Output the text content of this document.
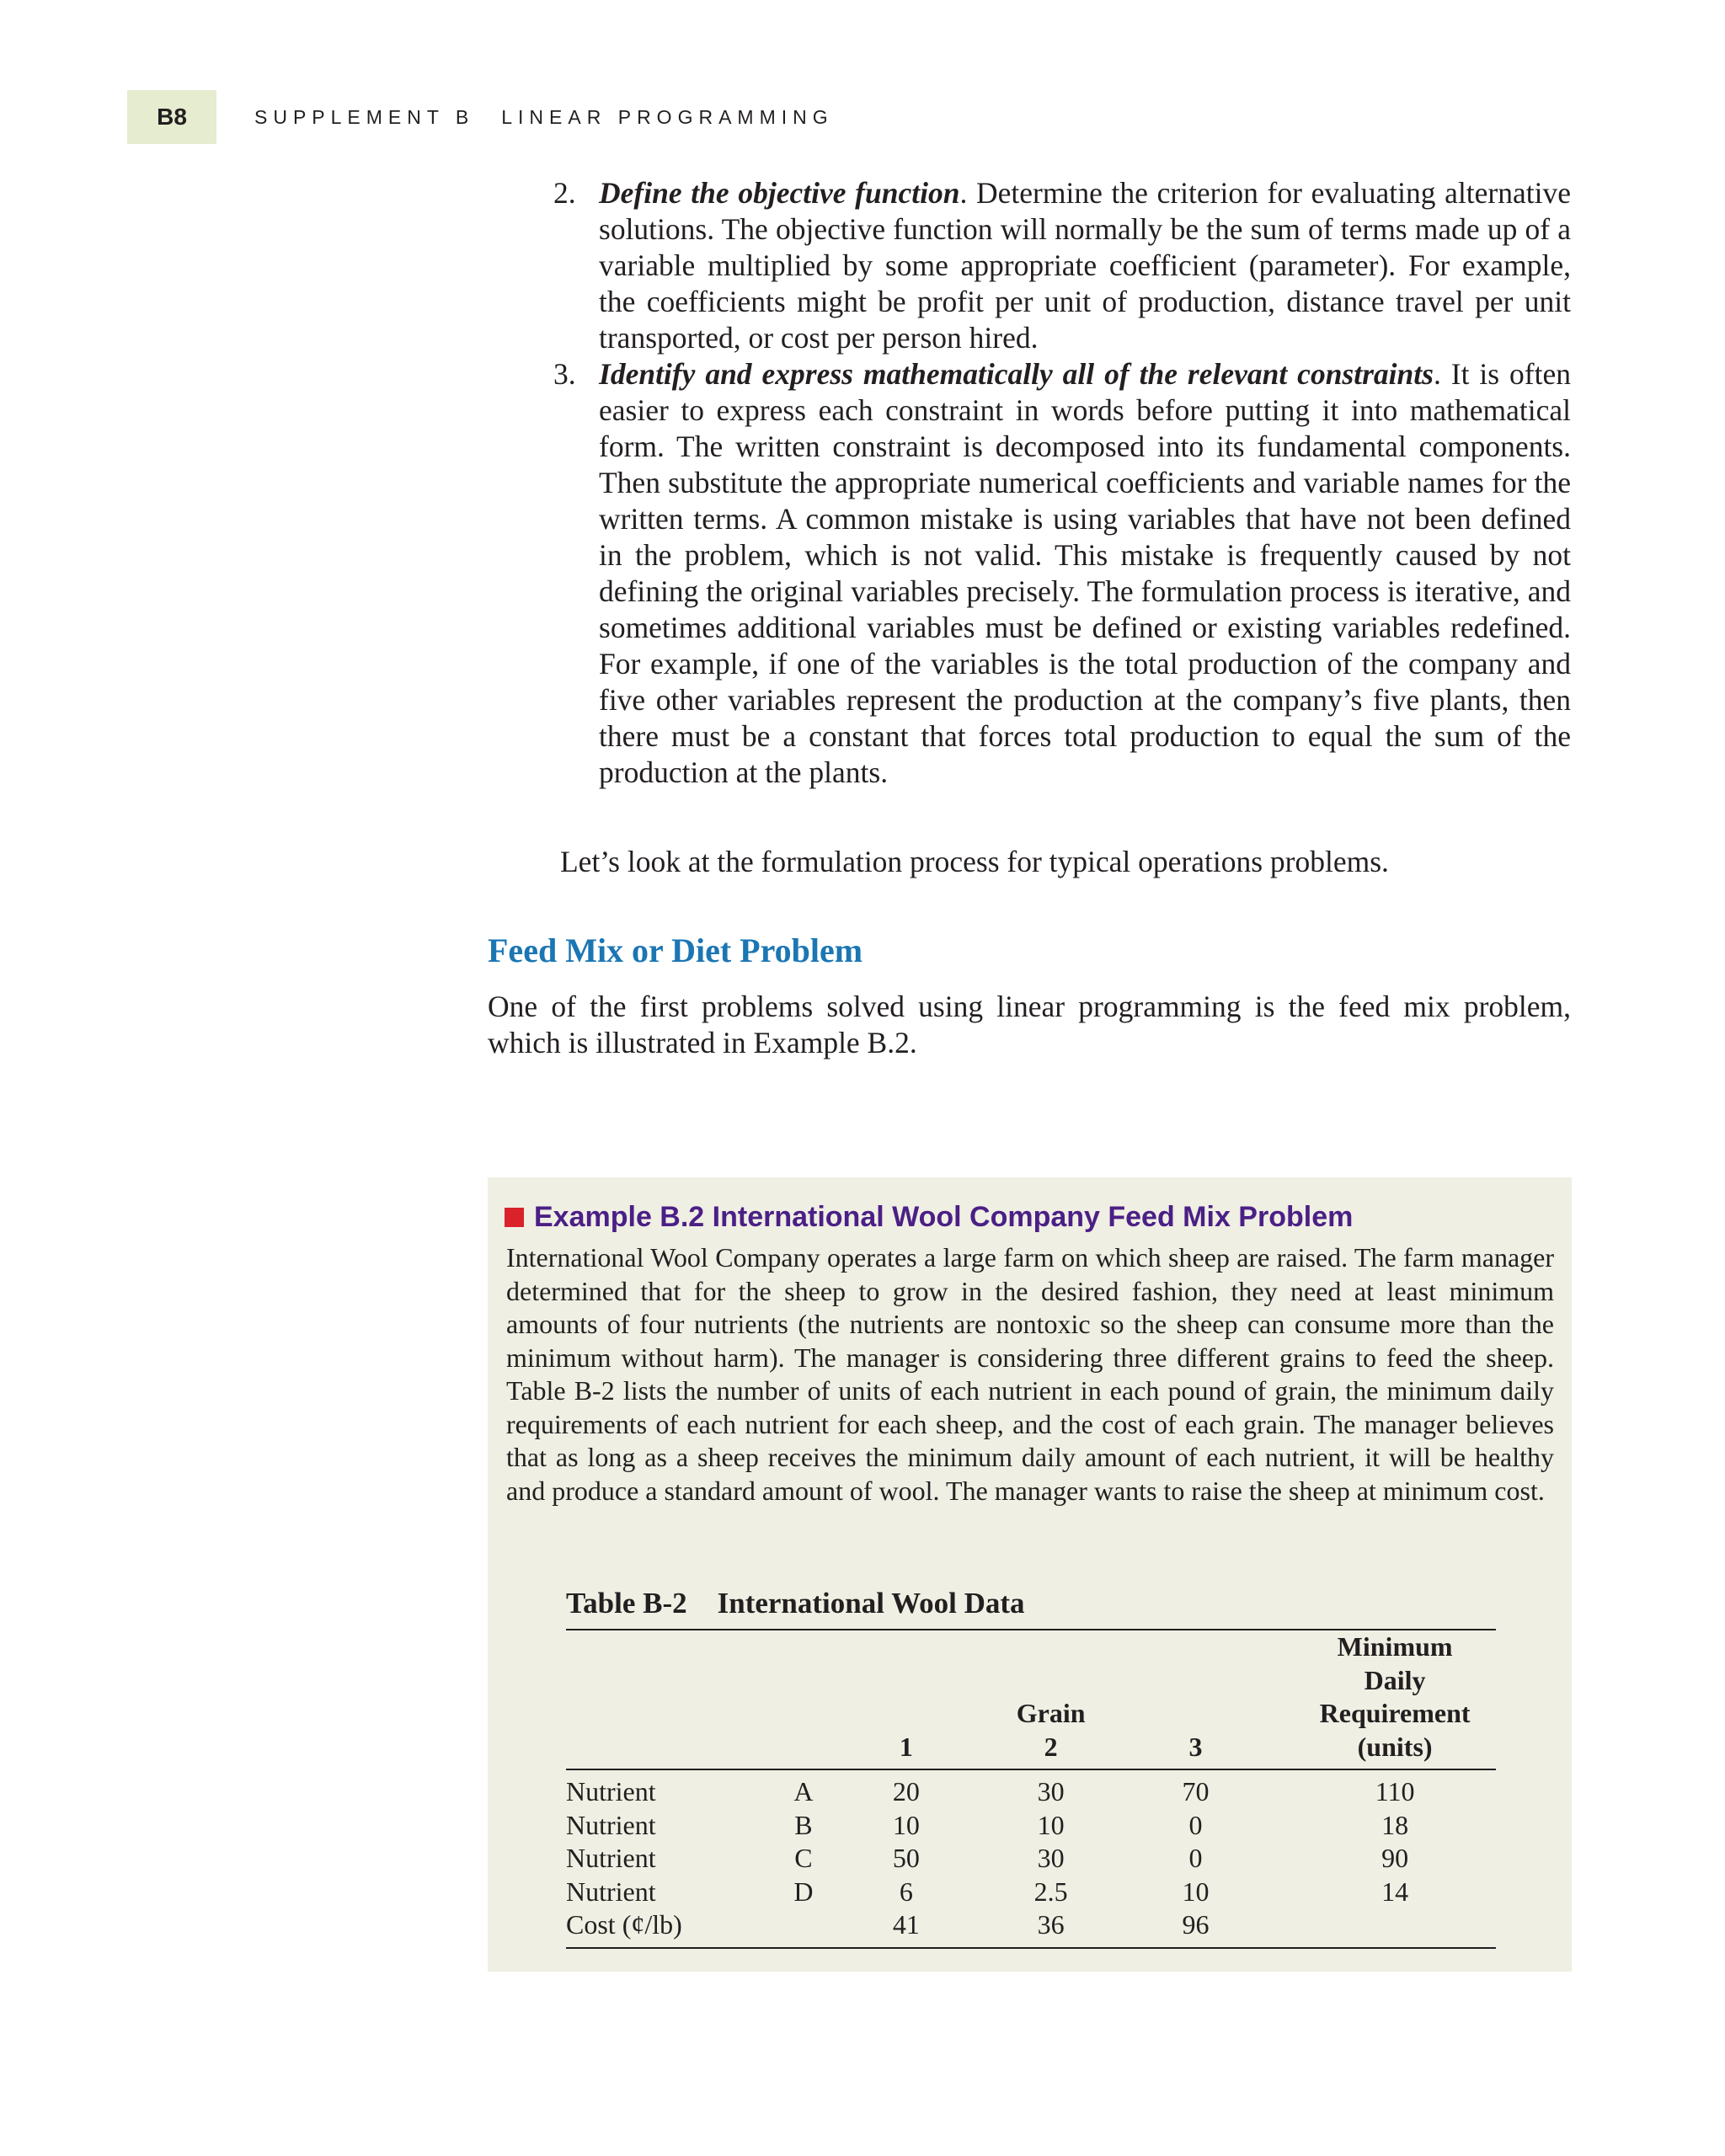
B8	SUPPLEMENT B LINEAR PROGRAMMING
2. Define the objective function. Determine the criterion for evaluating alternative solutions. The objective function will normally be the sum of terms made up of a variable multiplied by some appropriate coefficient (parameter). For example, the coefficients might be profit per unit of production, distance travel per unit transported, or cost per person hired.

3. Identify and express mathematically all of the relevant constraints. It is often easier to express each constraint in words before putting it into mathematical form. The written constraint is decomposed into its fundamental components. Then substitute the appropriate numerical coefficients and variable names for the written terms. A common mistake is using variables that have not been defined in the problem, which is not valid. This mistake is frequently caused by not defining the original variables precisely. The formulation process is iterative, and sometimes additional variables must be defined or existing variables redefined. For example, if one of the variables is the total production of the company and five other variables represent the production at the company’s five plants, then there must be a constant that forces total production to equal the sum of the production at the plants.

Let’s look at the formulation process for typical operations problems.

Feed Mix or Diet Problem

One of the first problems solved using linear programming is the feed mix problem, which is illustrated in Example B.2.

Example B.2 International Wool Company Feed Mix Problem

International Wool Company operates a large farm on which sheep are raised. The farm manager determined that for the sheep to grow in the desired fashion, they need at least minimum amounts of four nutrients (the nutrients are nontoxic so the sheep can consume more than the minimum without harm). The manager is considering three different grains to feed the sheep. Table B-2 lists the number of units of each nutrient in each pound of grain, the minimum daily requirements of each nutrient for each sheep, and the cost of each grain. The manager believes that as long as a sheep receives the minimum daily amount of each nutrient, it will be healthy and produce a standard amount of wool. The manager wants to raise the sheep at minimum cost.

Table B-2 International Wool Data
						Minimum
						Daily
			Grain			Requirement
		1	2	3		(units)
Nutrient	A	20	30	70		110
Nutrient	B	10	10	0		18
Nutrient	C	50	30	0		90
Nutrient	D	6	2.5	10		14
Cost (¢/lb)		41	36	96		
